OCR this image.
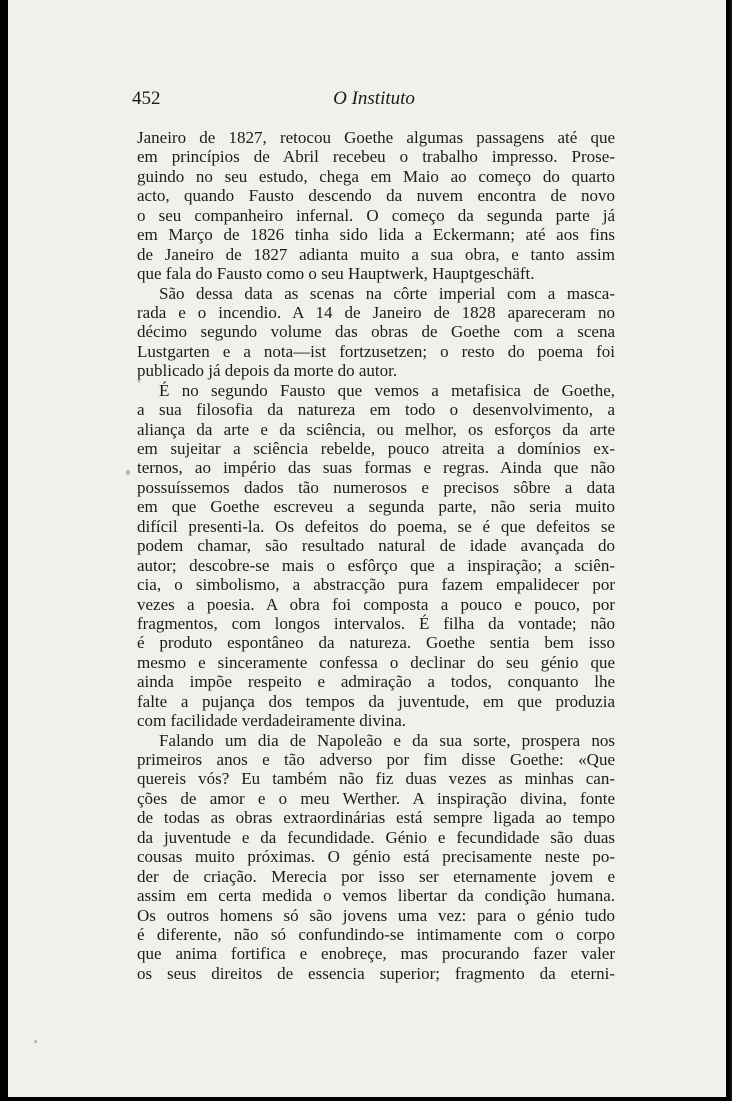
452	O Instituto
Janeiro de 1827, retocou Goethe algumas passagens até que
em princípios de Abril recebeu o trabalho impresso. Prose-
guindo no seu estudo, chega em Maio ao começo do quarto
acto, quando Fausto descendo da nuvem encontra de novo
o seu companheiro infernal. O começo da segunda parte já
em Março de 1826 tinha sido lida a Eckermann; até aos fins
de Janeiro de 1827 adianta muito a sua obra, e tanto assim
que fala do Fausto como o seu Hauptwerk, Hauptgeschäft.
São dessa data as scenas na côrte imperial com a masca-
rada e o incendio. A 14 de Janeiro de 1828 apareceram no
décimo segundo volume das obras de Goethe com a scena
Lustgarten e a nota—ist fortzusetzen; o resto do poema foi
publicado já depois da morte do autor.
É no segundo Fausto que vemos a metafisica de Goethe,
a sua filosofia da natureza em todo o desenvolvimento, a
aliança da arte e da sciência, ou melhor, os esforços da arte
em sujeitar a sciência rebelde, pouco atreita a domínios ex-
ternos, ao império das suas formas e regras. Ainda que não
possuíssemos dados tão numerosos e precisos sôbre a data
em que Goethe escreveu a segunda parte, não seria muito
difícil presenti-la. Os defeitos do poema, se é que defeitos se
podem chamar, são resultado natural de idade avançada do
autor; descobre-se mais o esfôrço que a inspiração; a sciên-
cia, o simbolismo, a abstracção pura fazem empalidecer por
vezes a poesia. A obra foi composta a pouco e pouco, por
fragmentos, com longos intervalos. É filha da vontade; não
é produto espontâneo da natureza. Goethe sentia bem isso
mesmo e sinceramente confessa o declinar do seu génio que
ainda impõe respeito e admiração a todos, conquanto lhe
falte a pujança dos tempos da juventude, em que produzia
com facilidade verdadeiramente divina.
Falando um dia de Napoleão e da sua sorte, prospera nos
primeiros anos e tão adverso por fim disse Goethe: «Que
quereis vós? Eu também não fiz duas vezes as minhas can-
ções de amor e o meu Werther. A inspiração divina, fonte
de todas as obras extraordinárias está sempre ligada ao tempo
da juventude e da fecundidade. Génio e fecundidade são duas
cousas muito próximas. O génio está precisamente neste po-
der de criação. Merecia por isso ser eternamente jovem e
assim em certa medida o vemos libertar da condição humana.
Os outros homens só são jovens uma vez: para o génio tudo
é diferente, não só confundindo-se intimamente com o corpo
que anima fortifica e enobreçe, mas procurando fazer valer
os seus direitos de essencia superior; fragmento da eterni-
